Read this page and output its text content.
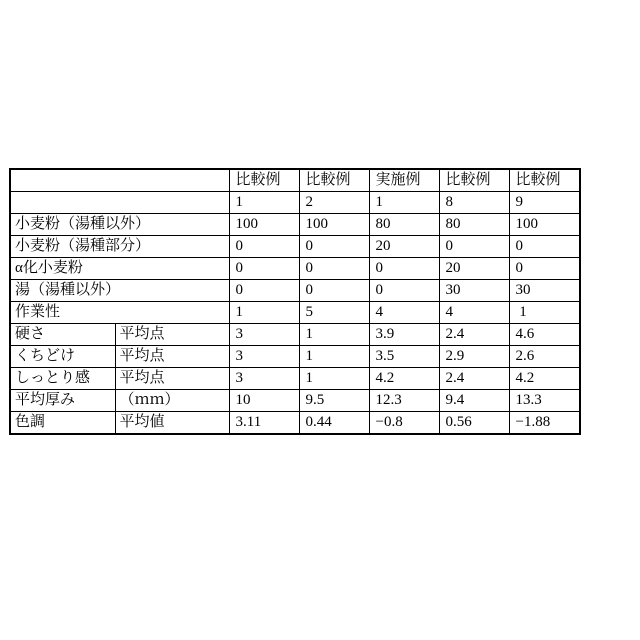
		比較例	比較例	実施例	比較例	比較例
		1	2	1	8	9
小麦粉（湯種以外）		100	100	80	80	100
小麦粉（湯種部分）		0	0	20	0	0
α化小麦粉		0	0	0	20	0
湯（湯種以外）		0	0	0	30	30
作業性		1	5	4	4	1
硬さ	平均点	3	1	3.9	2.4	4.6
くちどけ	平均点	3	1	3.5	2.9	2.6
しっとり感	平均点	3	1	4.2	2.4	4.2
平均厚み	（ｍｍ）	10	9.5	12.3	9.4	13.3
色調	平均値	3.11	0.44	−0.8	0.56	−1.88
